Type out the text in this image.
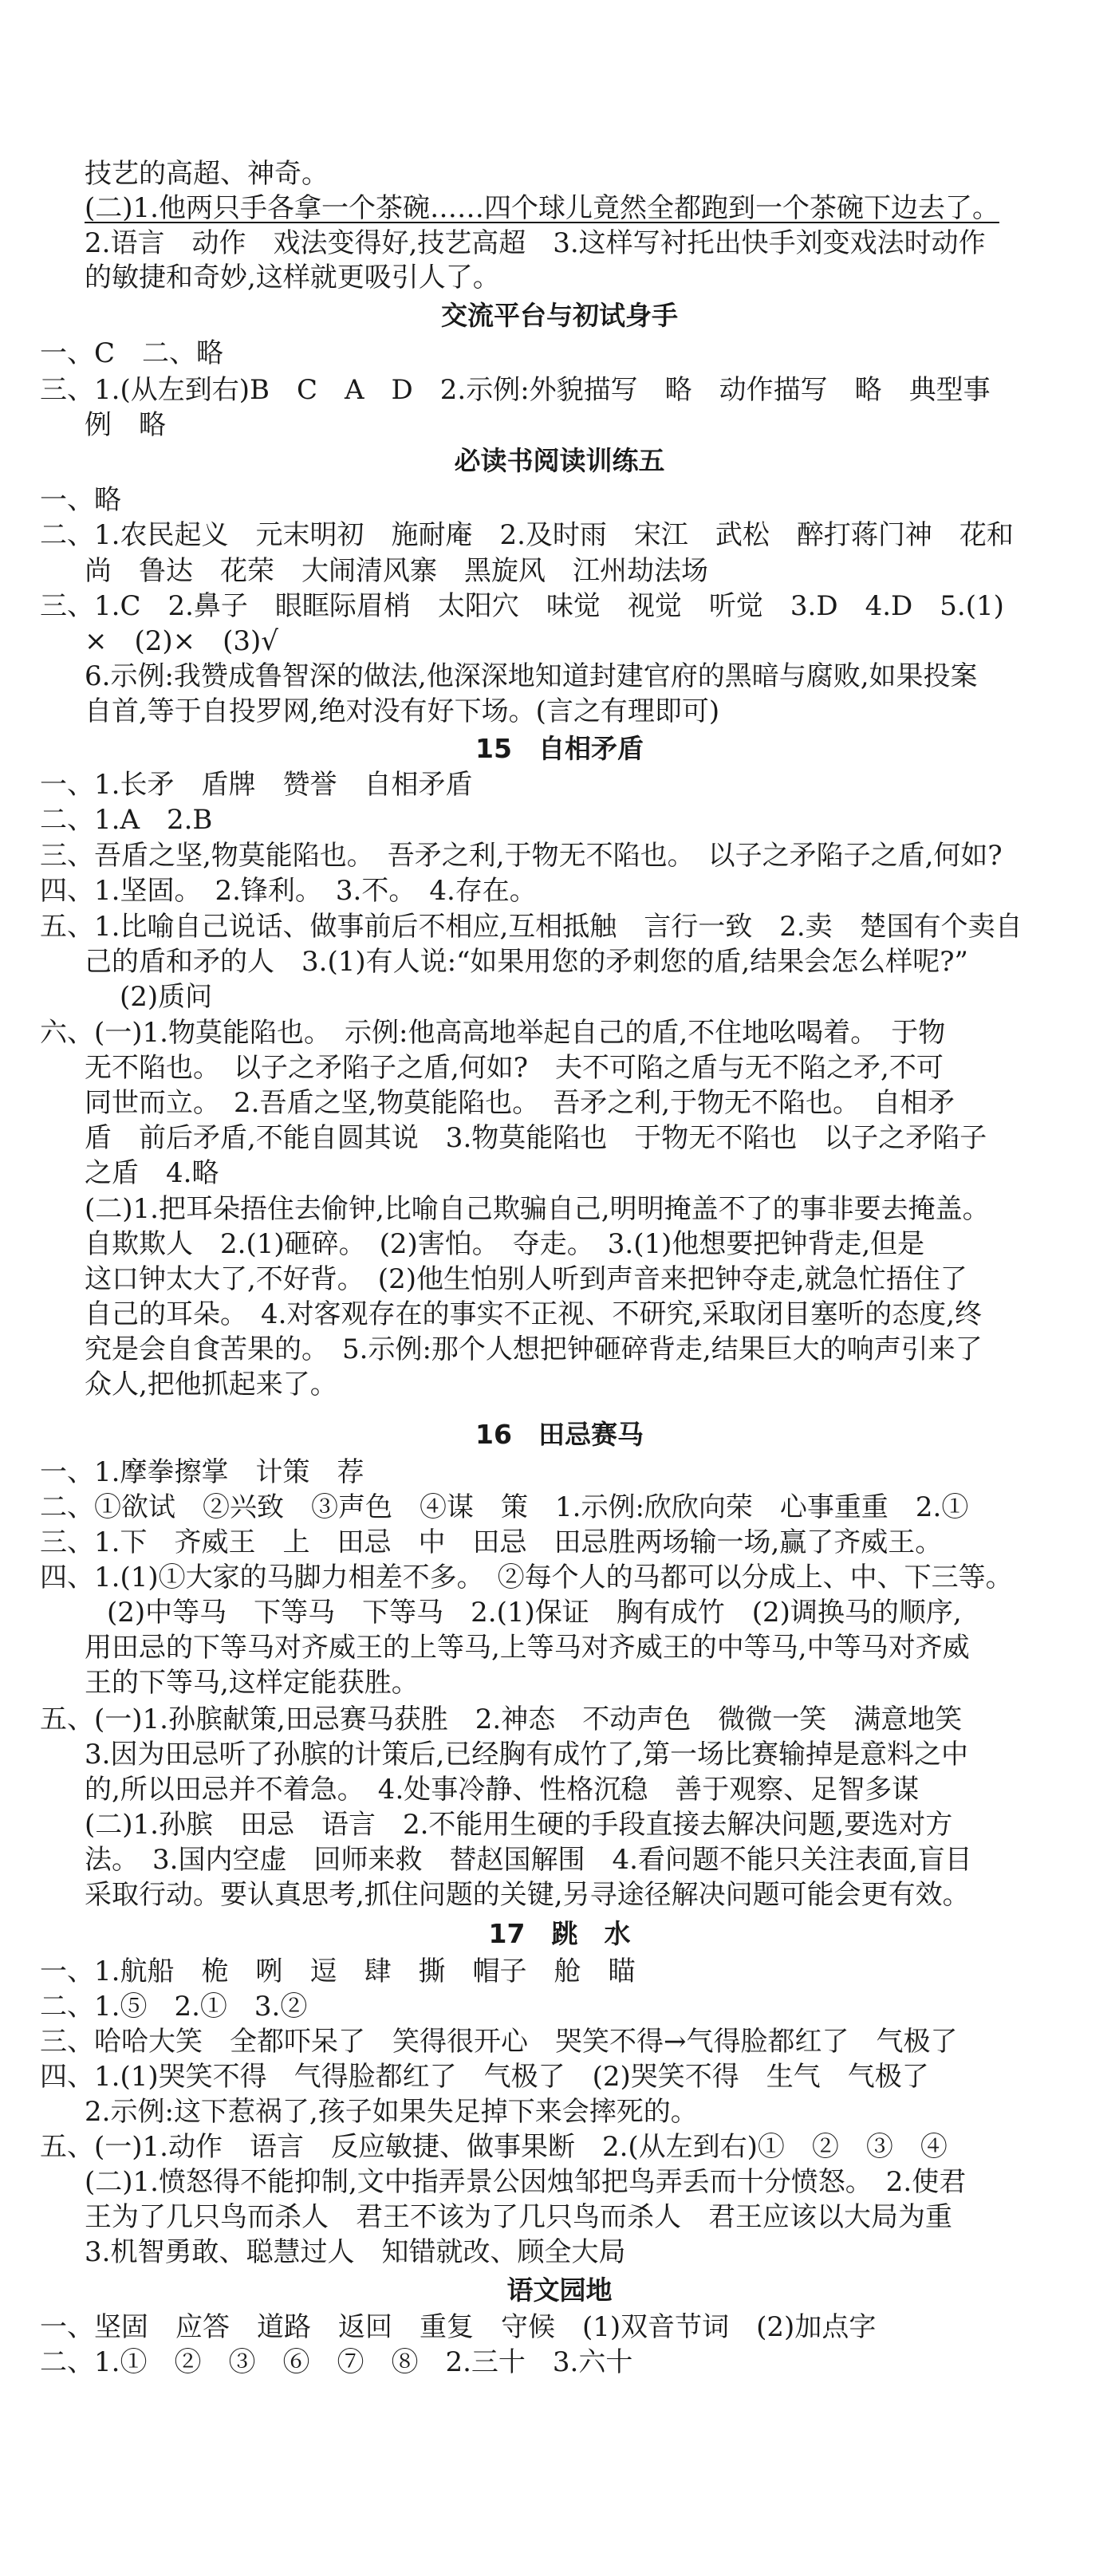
技艺的高超、神奇。
(二)1.他两只手各拿一个茶碗……四个球儿竟然全都跑到一个茶碗下边去了。
2.语言　动作　戏法变得好,技艺高超　3.这样写衬托出快手刘变戏法时动作
的敏捷和奇妙,这样就更吸引人了。
交流平台与初试身手
一、C　二、略
三、1.(从左到右)B　C　A　D　2.示例:外貌描写　略　动作描写　略　典型事
例　略
必读书阅读训练五
一、略
二、1.农民起义　元末明初　施耐庵　2.及时雨　宋江　武松　醉打蒋门神　花和
尚　鲁达　花荣　大闹清风寨　黑旋风　江州劫法场
三、1.C　2.鼻子　眼眶际眉梢　太阳穴　味觉　视觉　听觉　3.D　4.D　5.(1)
×　(2)×　(3)√
6.示例:我赞成鲁智深的做法,他深深地知道封建官府的黑暗与腐败,如果投案
自首,等于自投罗网,绝对没有好下场。(言之有理即可)
15　自相矛盾
一、1.长矛　盾牌　赞誉　自相矛盾
二、1.A　2.B
三、吾盾之坚,物莫能陷也。　吾矛之利,于物无不陷也。　以子之矛陷子之盾,何如?
四、1.坚固。　2.锋利。　3.不。　4.存在。
五、1.比喻自己说话、做事前后不相应,互相抵触　言行一致　2.卖　楚国有个卖自
己的盾和矛的人　3.(1)有人说:“如果用您的矛刺您的盾,结果会怎么样呢?”
(2)质问
六、(一)1.物莫能陷也。　示例:他高高地举起自己的盾,不住地吆喝着。　于物
无不陷也。　以子之矛陷子之盾,何如?　夫不可陷之盾与无不陷之矛,不可
同世而立。　2.吾盾之坚,物莫能陷也。　吾矛之利,于物无不陷也。　自相矛
盾　前后矛盾,不能自圆其说　3.物莫能陷也　于物无不陷也　以子之矛陷子
之盾　4.略
(二)1.把耳朵捂住去偷钟,比喻自己欺骗自己,明明掩盖不了的事非要去掩盖。
自欺欺人　2.(1)砸碎。　(2)害怕。　夺走。　3.(1)他想要把钟背走,但是
这口钟太大了,不好背。　(2)他生怕别人听到声音来把钟夺走,就急忙捂住了
自己的耳朵。　4.对客观存在的事实不正视、不研究,采取闭目塞听的态度,终
究是会自食苦果的。　5.示例:那个人想把钟砸碎背走,结果巨大的响声引来了
众人,把他抓起来了。
16　田忌赛马
一、1.摩拳擦掌　计策　荐
二、①欲试　②兴致　③声色　④谋　策　1.示例:欣欣向荣　心事重重　2.①
三、1.下　齐威王　上　田忌　中　田忌　田忌胜两场输一场,赢了齐威王。
四、1.(1)①大家的马脚力相差不多。　②每个人的马都可以分成上、中、下三等。
(2)中等马　下等马　下等马　2.(1)保证　胸有成竹　(2)调换马的顺序,
用田忌的下等马对齐威王的上等马,上等马对齐威王的中等马,中等马对齐威
王的下等马,这样定能获胜。
五、(一)1.孙膑献策,田忌赛马获胜　2.神态　不动声色　微微一笑　满意地笑
3.因为田忌听了孙膑的计策后,已经胸有成竹了,第一场比赛输掉是意料之中
的,所以田忌并不着急。　4.处事冷静、性格沉稳　善于观察、足智多谋
(二)1.孙膑　田忌　语言　2.不能用生硬的手段直接去解决问题,要选对方
法。　3.国内空虚　回师来救　替赵国解围　4.看问题不能只关注表面,盲目
采取行动。要认真思考,抓住问题的关键,另寻途径解决问题可能会更有效。
17　跳　水
一、1.航船　桅　咧　逗　肆　撕　帽子　舱　瞄
二、1.⑤　2.①　3.②
三、哈哈大笑　全都吓呆了　笑得很开心　哭笑不得→气得脸都红了　气极了
四、1.(1)哭笑不得　气得脸都红了　气极了　(2)哭笑不得　生气　气极了
2.示例:这下惹祸了,孩子如果失足掉下来会摔死的。
五、(一)1.动作　语言　反应敏捷、做事果断　2.(从左到右)①　②　③　④
(二)1.愤怒得不能抑制,文中指弄景公因烛邹把鸟弄丢而十分愤怒。　2.使君
王为了几只鸟而杀人　君王不该为了几只鸟而杀人　君王应该以大局为重
3.机智勇敢、聪慧过人　知错就改、顾全大局
语文园地
一、坚固　应答　道路　返回　重复　守候　(1)双音节词　(2)加点字
二、1.①　②　③　⑥　⑦　⑧　2.三十　3.六十
